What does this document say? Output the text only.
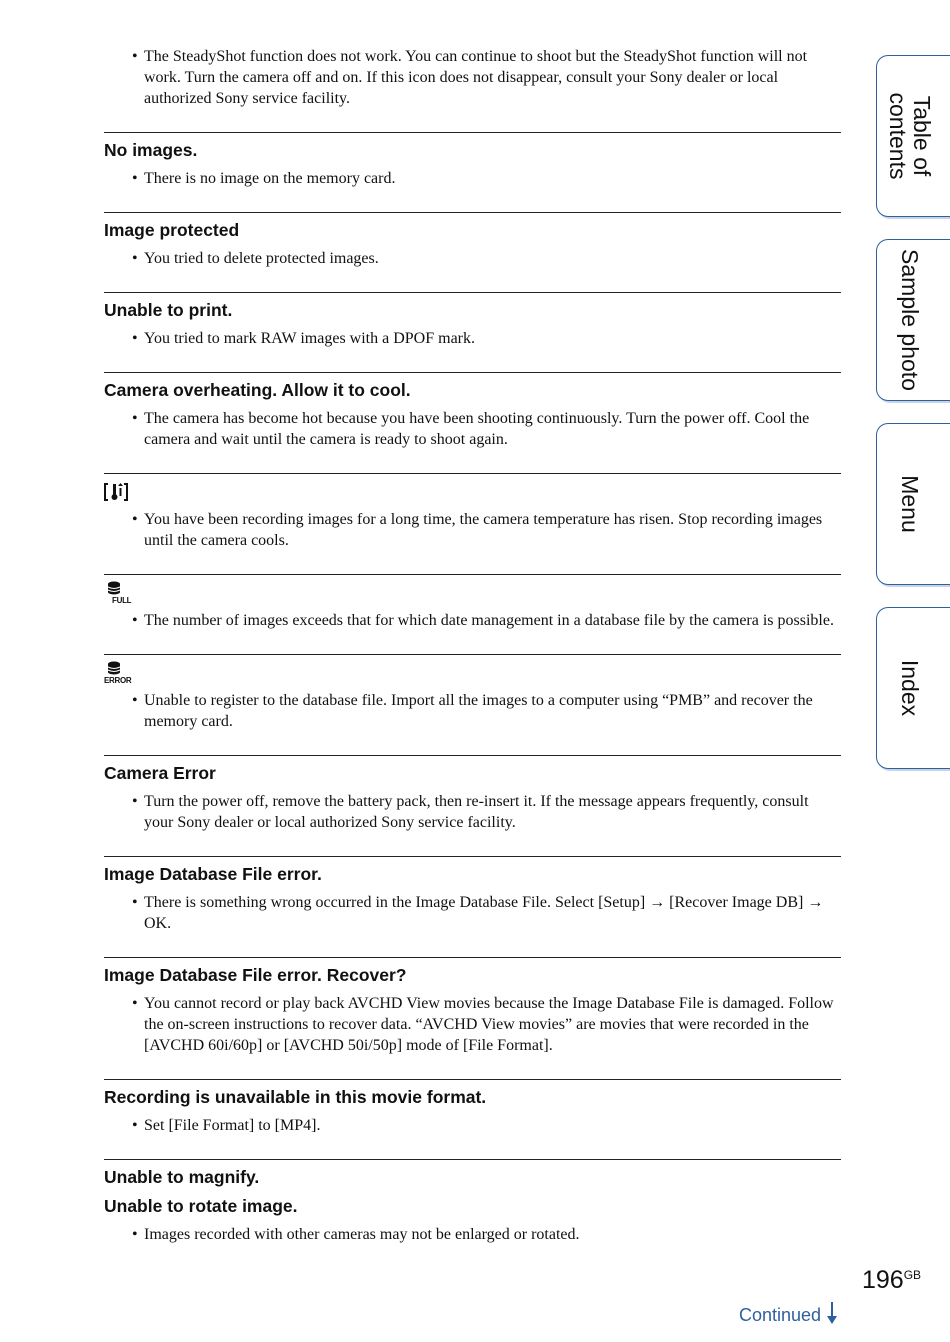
• The SteadyShot function does not work. You can continue to shoot but the SteadyShot function will not work. Turn the camera off and on. If this icon does not disappear, consult your Sony dealer or local authorized Sony service facility.

No images.

• There is no image on the memory card.

Image protected

• You tried to delete protected images.

Unable to print.

• You tried to mark RAW images with a DPOF mark.

Camera overheating. Allow it to cool.

• The camera has become hot because you have been shooting continuously. Turn the power off. Cool the camera and wait until the camera is ready to shoot again.

• You have been recording images for a long time, the camera temperature has risen. Stop recording images until the camera cools.

FULL

• The number of images exceeds that for which date management in a database file by the camera is possible.

ERROR

• Unable to register to the database file. Import all the images to a computer using “PMB” and recover the memory card.

Camera Error

• Turn the power off, remove the battery pack, then re-insert it. If the message appears frequently, consult your Sony dealer or local authorized Sony service facility.

Image Database File error.

• There is something wrong occurred in the Image Database File. Select [Setup] → [Recover Image DB] → OK.

Image Database File error. Recover?

• You cannot record or play back AVCHD View movies because the Image Database File is damaged. Follow the on-screen instructions to recover data. “AVCHD View movies” are movies that were recorded in the [AVCHD 60i/60p] or [AVCHD 50i/50p] mode of [File Format].

Recording is unavailable in this movie format.

• Set [File Format] to [MP4].

Unable to magnify.
Unable to rotate image.

• Images recorded with other cameras may not be enlarged or rotated.

Table of contents
Sample photo
Menu
Index
$196^{GB}$
Continued
